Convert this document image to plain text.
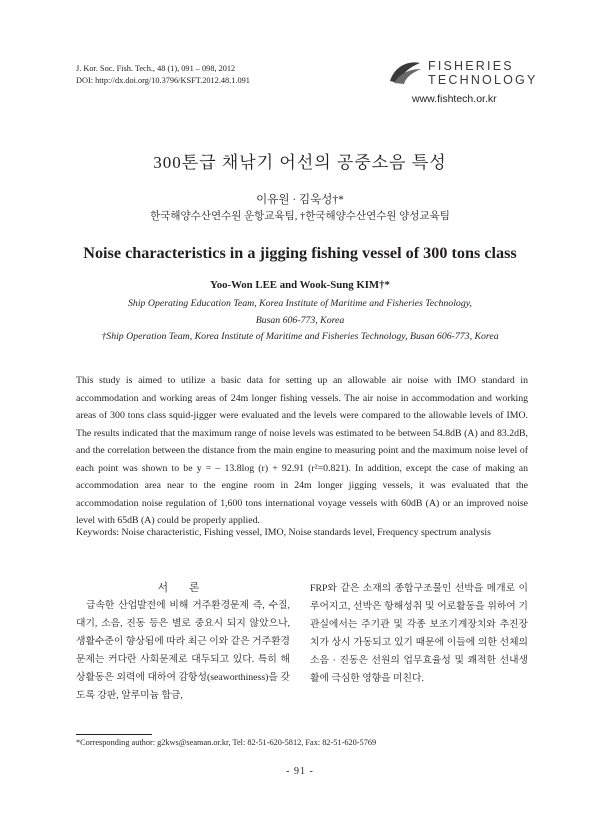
J. Kor. Soc. Fish. Tech., 48 (1), 091 – 098, 2012
DOI: http://dx.doi.org/10.3796/KSFT.2012.48.1.091
FISHERIES
TECHNOLOGY
www.fishtech.or.kr
300톤급 채낚기 어선의 공중소음 특성
이유원 · 김욱성†*
한국해양수산연수원 운항교육팀, †한국해양수산연수원 양성교육팀
Noise characteristics in a jigging fishing vessel of 300 tons class
Yoo-Won LEE and Wook-Sung KIM†*
Ship Operating Education Team, Korea Institute of Maritime and Fisheries Technology,
Busan 606-773, Korea
†Ship Operation Team, Korea Institute of Maritime and Fisheries Technology, Busan 606-773, Korea
This study is aimed to utilize a basic data for setting up an allowable air noise with IMO standard in accommodation and working areas of 24m longer fishing vessels. The air noise in accommodation and working areas of 300 tons class squid-jigger were evaluated and the levels were compared to the allowable levels of IMO. The results indicated that the maximum range of noise levels was estimated to be between 54.8dB (A) and 83.2dB, and the correlation between the distance from the main engine to measuring point and the maximum noise level of each point was shown to be y = – 13.8log (r) + 92.91 (r²=0.821). In addition, except the case of making an accommodation area near to the engine room in 24m longer jigging vessels, it was evaluated that the accommodation noise regulation of 1,600 tons international voyage vessels with 60dB (A) or an improved noise level with 65dB (A) could be properly applied.
Keywords: Noise characteristic, Fishing vessel, IMO, Noise standards level, Frequency spectrum analysis
서 론
급속한 산업발전에 비해 거주환경문제 즉, 수질, 대기, 소음, 진동 등은 별로 중요시 되지 않았으나, 생활수준이 향상됨에 따라 최근 이와 같은 거주환경문제는 커다란 사회문제로 대두되고 있다. 특히 해상활동은 외력에 대하여 감항성(seaworthiness)을 갖도록 강판, 알루미늄 합금,
FRP와 같은 소재의 종합구조물인 선박을 메개로 이루어지고, 선박은 항해성취 및 어로활동을 위하여 기관실에서는 주기관 및 각종 보조기계장치와 추진장치가 상시 가동되고 있기 때문에 이들에 의한 선체의 소음 · 진동은 선원의 업무효율성 및 쾌적한 선내생활에 극심한 영향을 미친다.
*Corresponding author: g2kws@seaman.or.kr, Tel: 82-51-620-5812, Fax: 82-51-620-5769
- 91 -
